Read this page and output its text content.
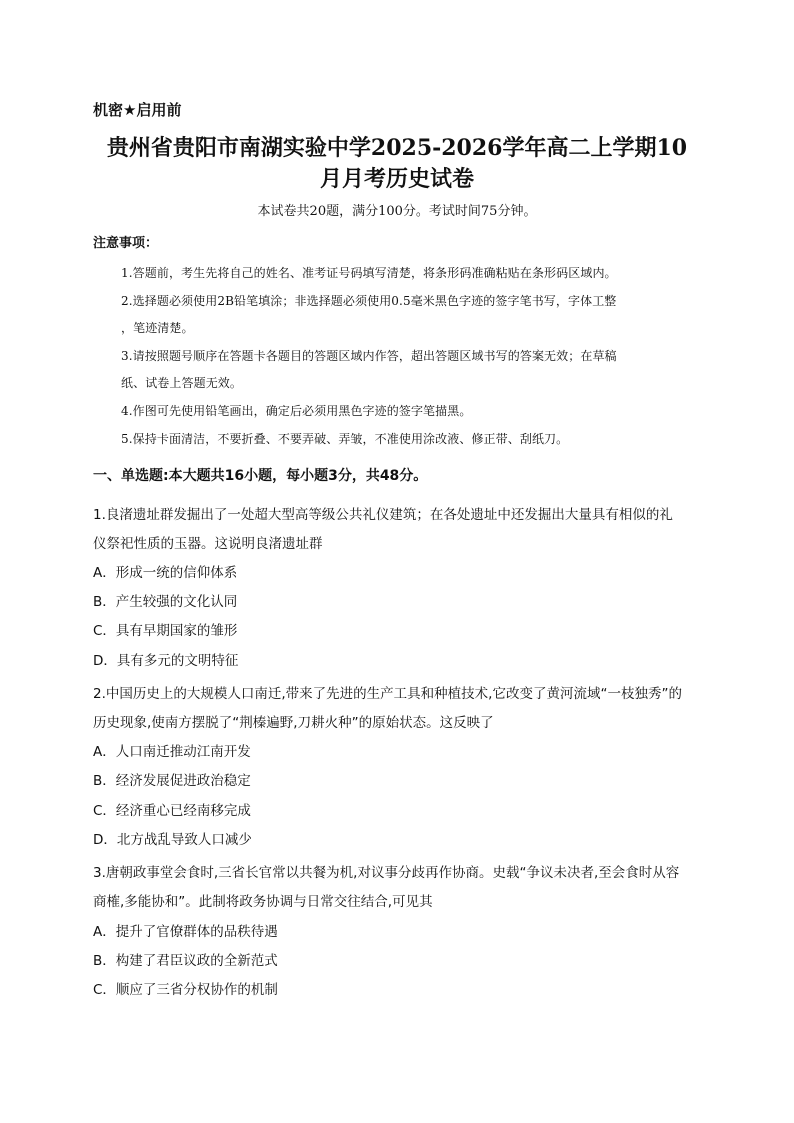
机密★启用前
贵州省贵阳市南湖实验中学2025-2026学年高二上学期10
月月考历史试卷
本试卷共20题，满分100分。考试时间75分钟。
注意事项：
1.答题前，考生先将自己的姓名、准考证号码填写清楚，将条形码准确粘贴在条形码区域内。
2.选择题必须使用2B铅笔填涂；非选择题必须使用0.5毫米黑色字迹的签字笔书写，字体工整
，笔迹清楚。
3.请按照题号顺序在答题卡各题目的答题区域内作答，超出答题区域书写的答案无效；在草稿
纸、试卷上答题无效。
4.作图可先使用铅笔画出，确定后必须用黑色字迹的签字笔描黑。
5.保持卡面清洁，不要折叠、不要弄破、弄皱，不准使用涂改液、修正带、刮纸刀。
一、单选题:本大题共16小题，每小题3分，共48分。
1.良渚遗址群发掘出了一处超大型高等级公共礼仪建筑；在各处遗址中还发掘出大量具有相似的礼
仪祭祀性质的玉器。这说明良渚遗址群
A．形成一统的信仰体系
B．产生较强的文化认同
C．具有早期国家的雏形
D．具有多元的文明特征
2.中国历史上的大规模人口南迁,带来了先进的生产工具和种植技术,它改变了黄河流域“一枝独秀”的
历史现象,使南方摆脱了“荆榛遍野,刀耕火种”的原始状态。这反映了
A．人口南迁推动江南开发
B．经济发展促进政治稳定
C．经济重心已经南移完成
D．北方战乱导致人口减少
3.唐朝政事堂会食时,三省长官常以共餐为机,对议事分歧再作协商。史载“争议未决者,至会食时从容
商榷,多能协和”。此制将政务协调与日常交往结合,可见其
A．提升了官僚群体的品秩待遇
B．构建了君臣议政的全新范式
C．顺应了三省分权协作的机制
